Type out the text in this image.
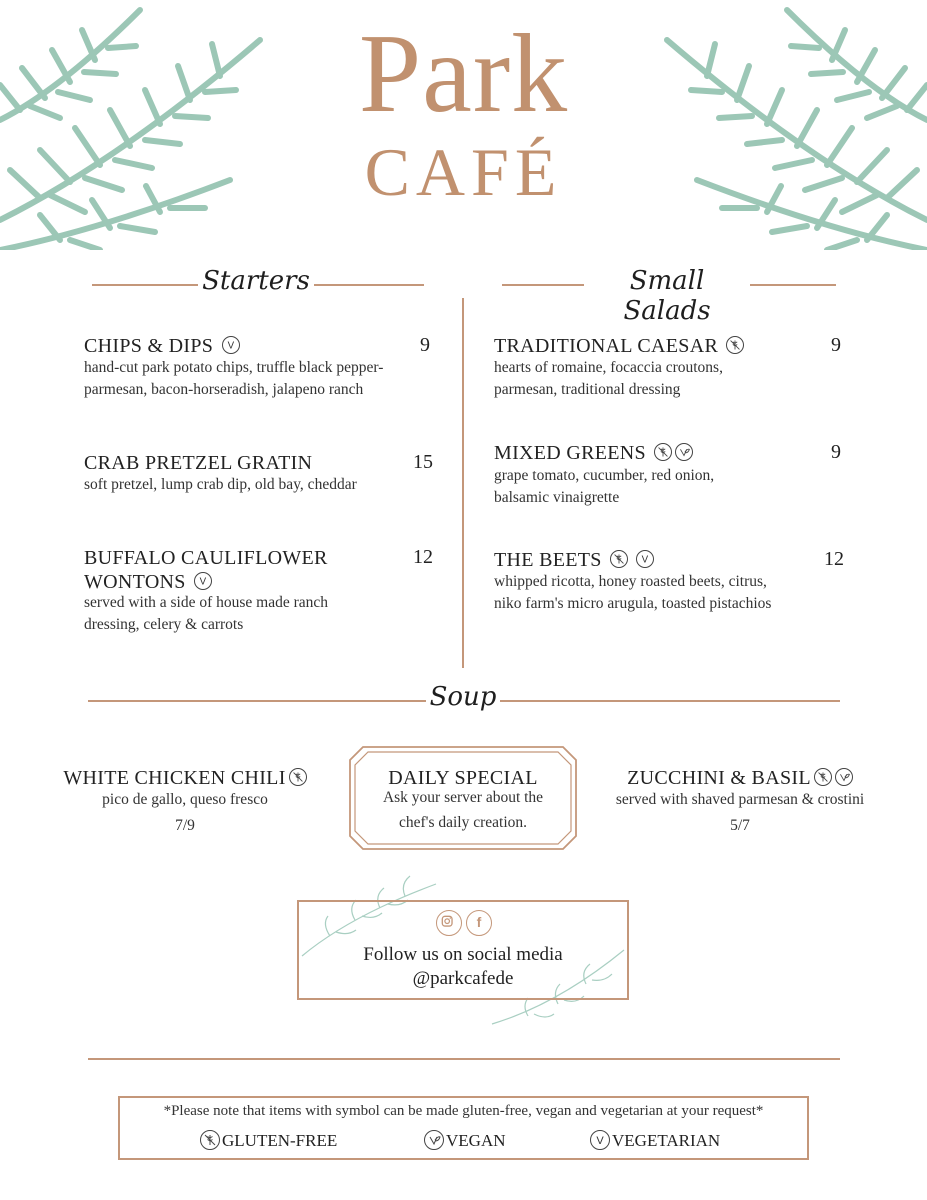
Park
CAFÉ
Starters	Small Salads
CHIPS & DIPS V	9
hand-cut park potato chips, truffle black pepper-
parmesan, bacon-horseradish, jalapeno ranch
CRAB PRETZEL GRATIN	15
soft pretzel, lump crab dip, old bay, cheddar
BUFFALO CAULIFLOWER
WONTONS V
12
served with a side of house made ranch
dressing, celery & carrots
TRADITIONAL CAESAR	9
hearts of romaine, focaccia croutons,
parmesan, traditional dressing
MIXED GREENS	9
grape tomato, cucumber, red onion,
balsamic vinaigrette
THE BEETS
	V	12
whipped ricotta, honey roasted beets, citrus,
niko farm's micro arugula, toasted pistachios
Soup
WHITE CHICKEN CHILI
pico de gallo, queso fresco
7/9
ZUCCHINI & BASIL
served with shaved parmesan & crostini
5/7
DAILY SPECIAL
Ask your server about the
chef's daily creation.
f
Follow us on social media
@parkcafede
*Please note that items with symbol can be made gluten-free, vegan and vegetarian at your request*
GLUTEN-FREE	VEGAN	V VEGETARIAN
